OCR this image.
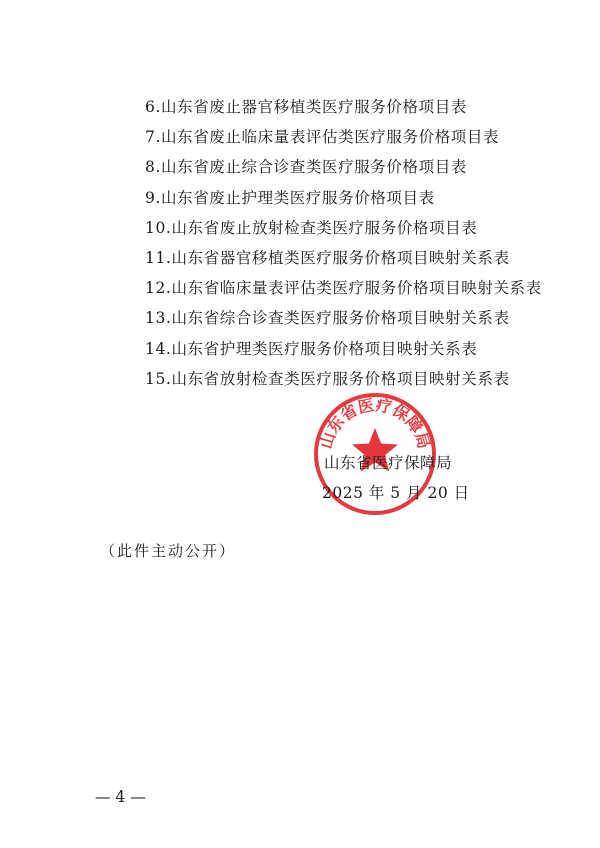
6.山东省废止器官移植类医疗服务价格项目表
7.山东省废止临床量表评估类医疗服务价格项目表
8.山东省废止综合诊查类医疗服务价格项目表
9.山东省废止护理类医疗服务价格项目表
10.山东省废止放射检查类医疗服务价格项目表
11.山东省器官移植类医疗服务价格项目映射关系表
12.山东省临床量表评估类医疗服务价格项目映射关系表
13.山东省综合诊查类医疗服务价格项目映射关系表
14.山东省护理类医疗服务价格项目映射关系表
15.山东省放射检查类医疗服务价格项目映射关系表
山东省医疗保障局
山东省医疗保障局
2025 年 5 月 20 日
（此件主动公开）
— 4 —
